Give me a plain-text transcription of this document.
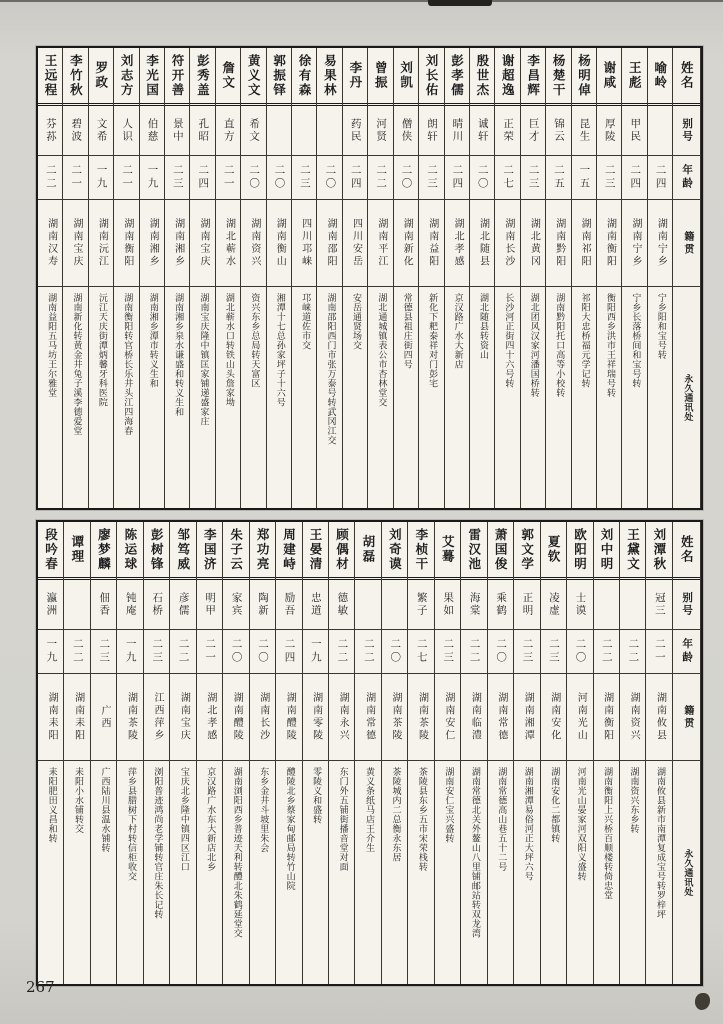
王远程
芬荪
二二
湖南汉寿
湖南益阳五马坊王尔雅堂
李竹秋
碧波
二一
湖南宝庆
湖南新化转黄金井兔子溪李德爱堂
罗政
文希
一九
湖南沅江
沅江天庆街潭炳馨牙科医院
刘志方
人识
二一
湖南衡阳
湖南衡阳转官桥长乐井头江四海春
李光国
伯慈
一九
湖南湘乡
湖南湘乡潭市转义生和
符开善
景中
二三
湖南湘乡
湖南湘乡泉水谦盛和转义生和
彭秀盖
孔昭
二四
湖南宝庆
湖南宝庆隆中镇匡家铺递盛家庄
詹文
直方
二一
湖北蕲水
湖北蕲水口转铁山头詹家坳
黄义文
希文
二〇
湖南资兴
资兴东乡总局转天富区
郭振铎
二〇
湖南衡山
湘潭十七总孙家坪子十六号
徐有森
二三
四川邛崃
邛崃道佐市交
易果林
二〇
湖南邵阳
湖南邵阳西门市张万泰号转武冈江交
李丹
药民
二四
四川安岳
安岳通贤场交
曾振
河贤
二二
湖南平江
湖北通城镇表公市杏林堂交
刘凯
僧侠
二〇
湖南新化
常德县祖庄街四号
刘长佑
朗轩
二三
湖南益阳
新化下粑泰祥对门彭宅
彭孝儒
晴川
二四
湖北孝感
京汉路广水大新店
殷世杰
诚轩
二〇
湖北随县
湖北随县转资山
谢超逸
正荣
二七
湖南长沙
长沙河正街四十六号转
李昌辉
巨才
二三
湖北黄冈
湖北团风汉家河潘国桥转
杨楚干
锦云
二五
湖南黔阳
湖南黔阳托口高等小校转
杨明倬
昆生
一五
湖南祁阳
祁阳大忠桥福元学记转
谢咸
厚陵
二三
湖南衡阳
衡阳西乡洪市王祥瑞号转
王彪
甲民
二四
湖南宁乡
宁乡长落桥间和宝号转
喻岭
二四
湖南宁乡
宁乡阳和宝号转
姓名
别号
年龄
籍贯
永久通讯处
段吟春
瀛洲
一九
湖南耒阳
耒阳肥田义昌和转
谭理
二二
湖南耒阳
耒阳小水铺转交
廖梦麟
佃香
二三
广西
广西陆川县温水铺转
陈运球
钝庵
一九
湖南茶陵
萍乡县腊树下村转信柜收交
彭树锋
石桥
二三
江西萍乡
浏阳普迹鸿尚老学铺转官庄朱长记转
邹笃威
彦儒
二二
湖南宝庆
宝庆北乡隆中镇四区江口
李国济
明甲
二一
湖北孝感
京汉路广水东大新店北乡
朱子云
家宾
二〇
湖南醴陵
湖南浏阳西乡普迹天利转醴北朱鹤延堂交
郑功亮
陶新
二〇
湖南长沙
东乡金井斗坡里朱会
周建峙
励吾
二四
湖南醴陵
醴陵北乡蔡家甸邮局转竹山院
王晏清
忠道
一九
湖南零陵
零陵义和盛转
顾偶材
德敏
二二
湖南永兴
东门外五铺街播音堂对面
胡磊
二二
湖南常德
黄义条纸马店王介生
刘奇谟
二〇
湖南茶陵
茶陵城内二总衡永东居
李桢干
繁子
二七
湖南茶陵
茶陵县东乡五市宋荣栈转
艾蓦
果如
二三
湖南安仁
湖南安仁宝兴盛转
雷汉池
海棠
二二
湖南临澧
湖南常德北关外鳌山八里铺邮站转双龙湾
萧国俊
乘鹤
二〇
湖南常德
湖南常德高山巷五十二号
郭文学
正明
二三
湖南湘潭
湖南湘潭易俗河正大坪六号
夏钦
凌虚
二三
湖南安化
湖南安化二都镇转
欧阳明
士谟
二〇
河南光山
河南光山晏家河双阳义盛转
刘中明
二二
湖南衡阳
湖南衡阳上兴桥百顺楼转倚忠堂
王黛文
二二
湖南资兴
湖南资兴东乡转
刘潭秋
冠三
二一
湖南攸县
湖南攸县新市南潭复成宝号转罗梓坪
姓名
别号
年龄
籍贯
永久通讯处
267
